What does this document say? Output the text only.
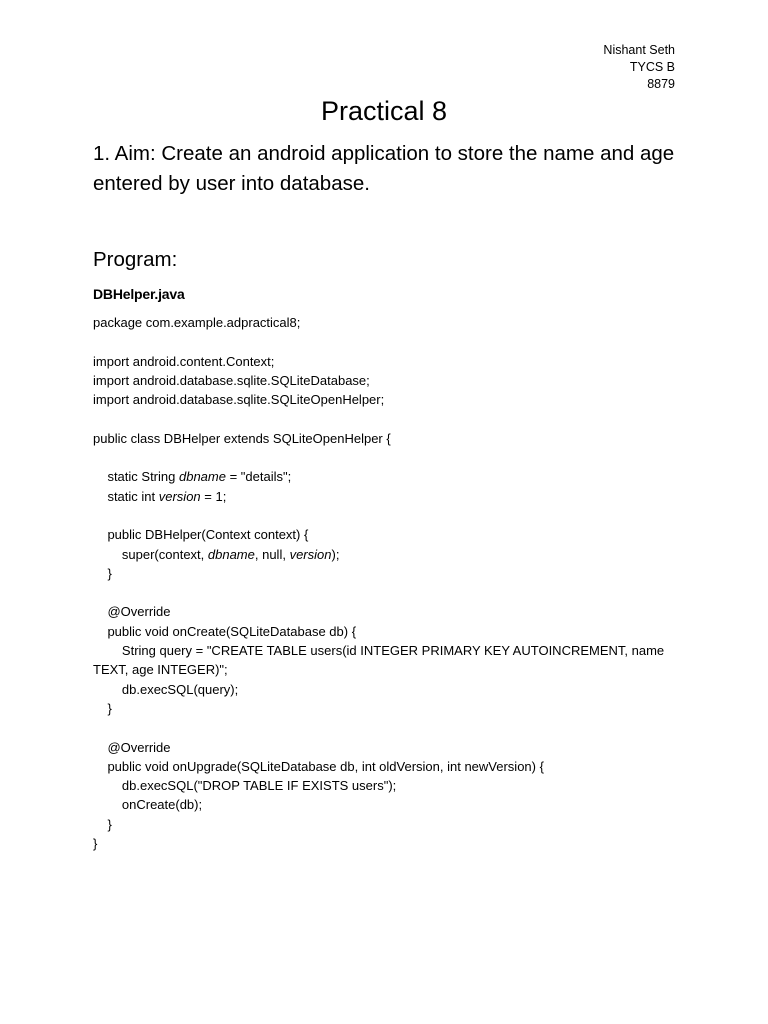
Nishant Seth
TYCS B
8879
Practical 8

1. Aim: Create an android application to store the name and age entered by user into database.

Program:
DBHelper.java
package com.example.adpractical8;
import android.content.Context;
import android.database.sqlite.SQLiteDatabase;
import android.database.sqlite.SQLiteOpenHelper;
public class DBHelper extends SQLiteOpenHelper {
static String dbname = "details";
static int version = 1;
public DBHelper(Context context) {
super(context, dbname, null, version);
}
@Override
public void onCreate(SQLiteDatabase db) {
String query = "CREATE TABLE users(id INTEGER PRIMARY KEY AUTOINCREMENT, name TEXT, age INTEGER)";
db.execSQL(query);
}
@Override
public void onUpgrade(SQLiteDatabase db, int oldVersion, int newVersion) {
db.execSQL("DROP TABLE IF EXISTS users");
onCreate(db);
}
}
